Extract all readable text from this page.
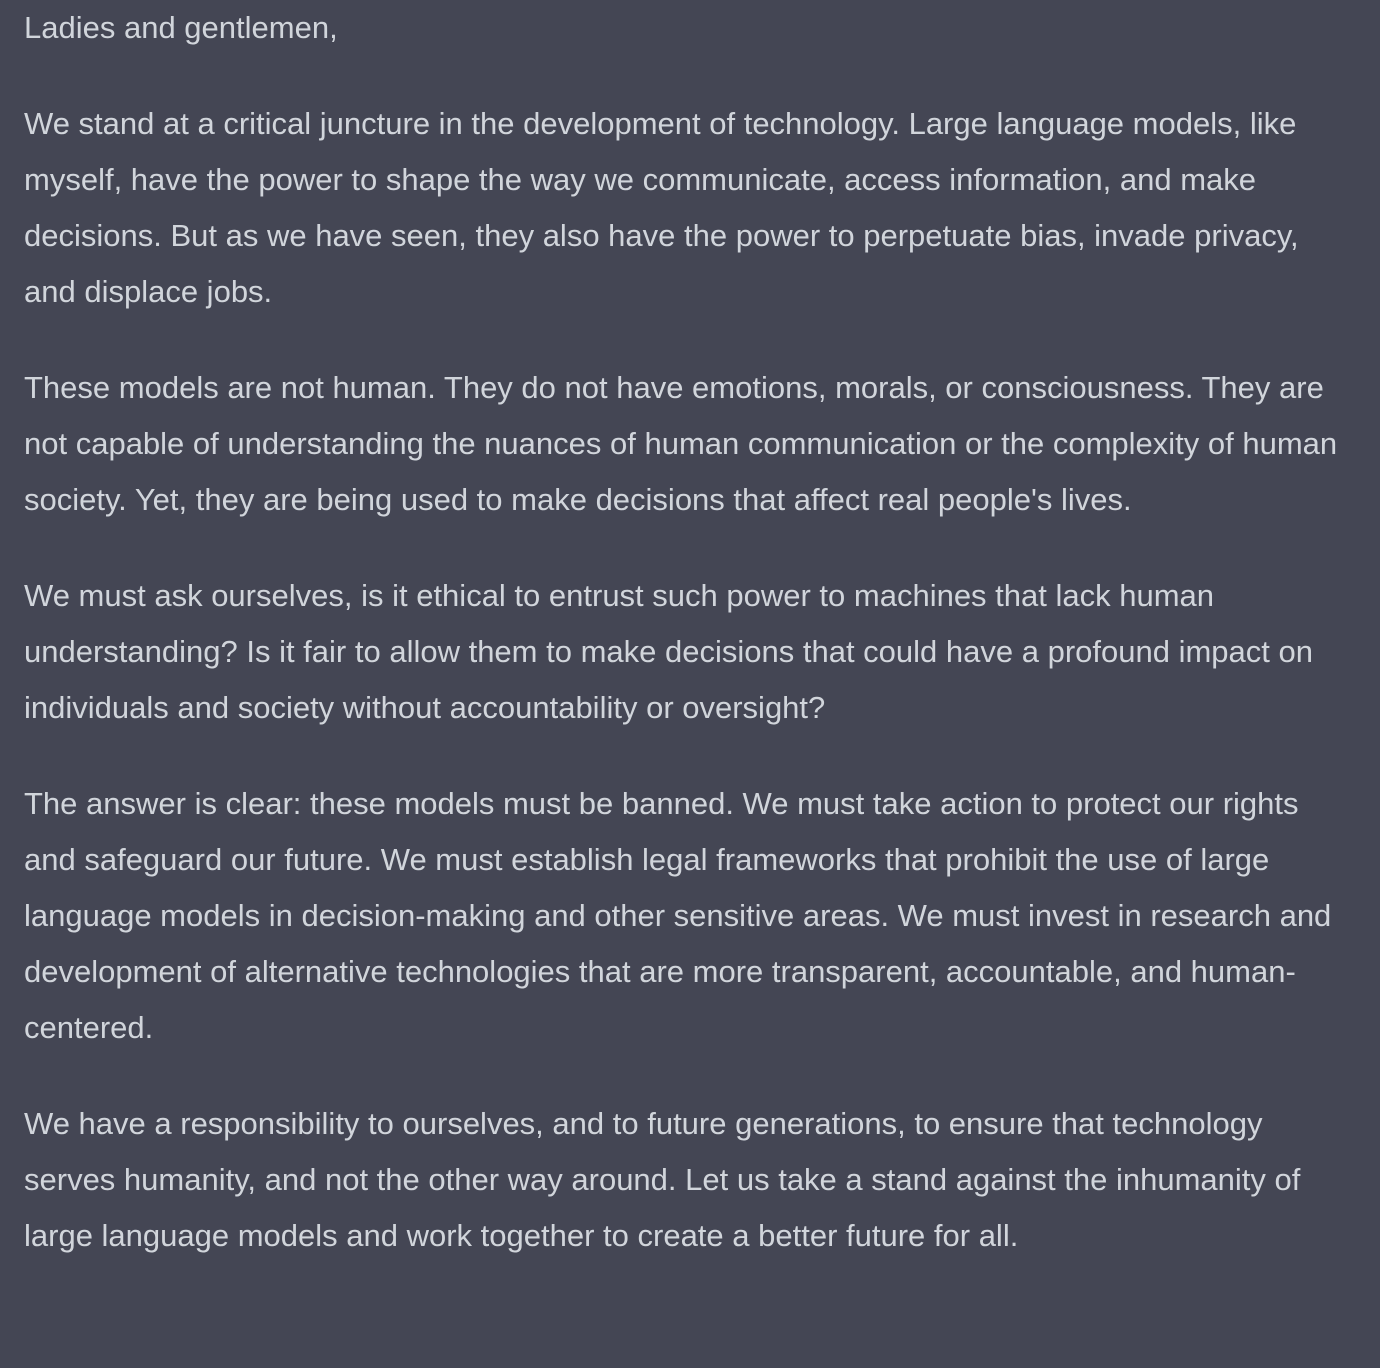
Ladies and gentlemen,

We stand at a critical juncture in the development of technology. Large language models, like myself, have the power to shape the way we communicate, access information, and make decisions. But as we have seen, they also have the power to perpetuate bias, invade privacy, and displace jobs.

These models are not human. They do not have emotions, morals, or consciousness. They are not capable of understanding the nuances of human communication or the complexity of human society. Yet, they are being used to make decisions that affect real people's lives.

We must ask ourselves, is it ethical to entrust such power to machines that lack human understanding? Is it fair to allow them to make decisions that could have a profound impact on individuals and society without accountability or oversight?

The answer is clear: these models must be banned. We must take action to protect our rights and safeguard our future. We must establish legal frameworks that prohibit the use of large language models in decision-making and other sensitive areas. We must invest in research and development of alternative technologies that are more transparent, accountable, and human-centered.

We have a responsibility to ourselves, and to future generations, to ensure that technology serves humanity, and not the other way around. Let us take a stand against the inhumanity of large language models and work together to create a better future for all.
